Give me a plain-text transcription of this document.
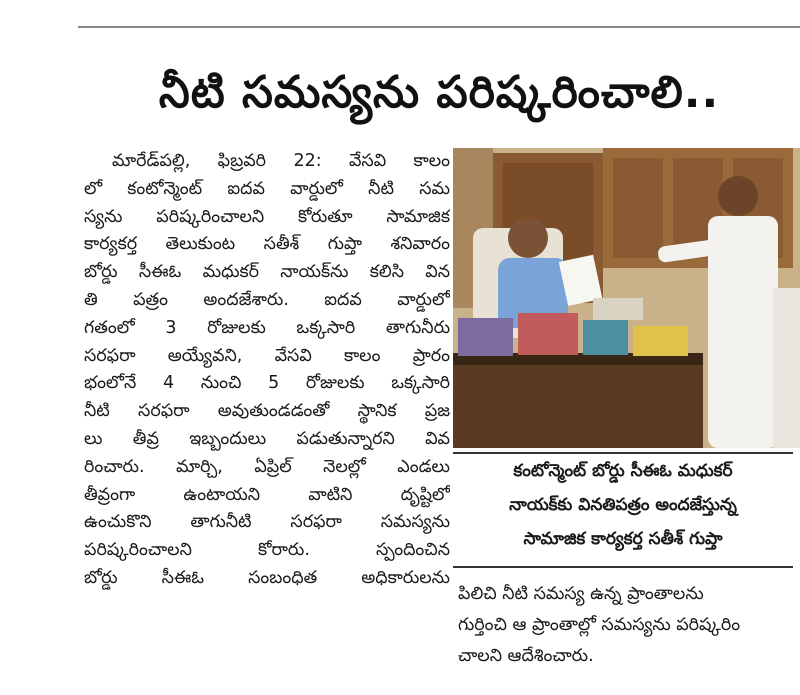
నీటి సమస్యను పరిష్కరించాలి..
మారేడ్‌పల్లి, ఫిబ్రవరి 22: వేసవి కాలం
లో కంటోన్మెంట్ ఐదవ వార్డులో నీటి సమ
స్యను పరిష్కరించాలని కోరుతూ సామాజిక
కార్యకర్త తెలుకుంట సతీశ్ గుప్తా శనివారం
బోర్డు సీఈఓ మధుకర్ నాయక్‌ను కలిసి విన
తి పత్రం అందజేశారు. ఐదవ వార్డులో
గతంలో 3 రోజులకు ఒక్కసారి తాగునీరు
సరఫరా అయ్యేవని, వేసవి కాలం ప్రారం
భంలోనే 4 నుంచి 5 రోజులకు ఒక్కసారి
నీటి సరఫరా అవుతుండడంతో స్థానిక ప్రజ
లు తీవ్ర ఇబ్బందులు పడుతున్నారని వివ
రించారు. మార్చి, ఏప్రిల్ నెలల్లో ఎండలు
తీవ్రంగా ఉంటాయని వాటిని దృష్టిలో
ఉంచుకొని తాగునీటి సరఫరా సమస్యను
పరిష్కరించాలని కోరారు. స్పందించిన
బోర్డు సీఈఓ సంబంధిత అధికారులను
కంటోన్మెంట్ బోర్డు సీఈఓ మధుకర్
నాయక్‌కు వినతిపత్రం అందజేస్తున్న
సామాజిక కార్యకర్త సతీశ్ గుప్తా
పిలిచి నీటి సమస్య ఉన్న ప్రాంతాలను
గుర్తించి ఆ ప్రాంతాల్లో సమస్యను పరిష్కరిం
చాలని ఆదేశించారు.
